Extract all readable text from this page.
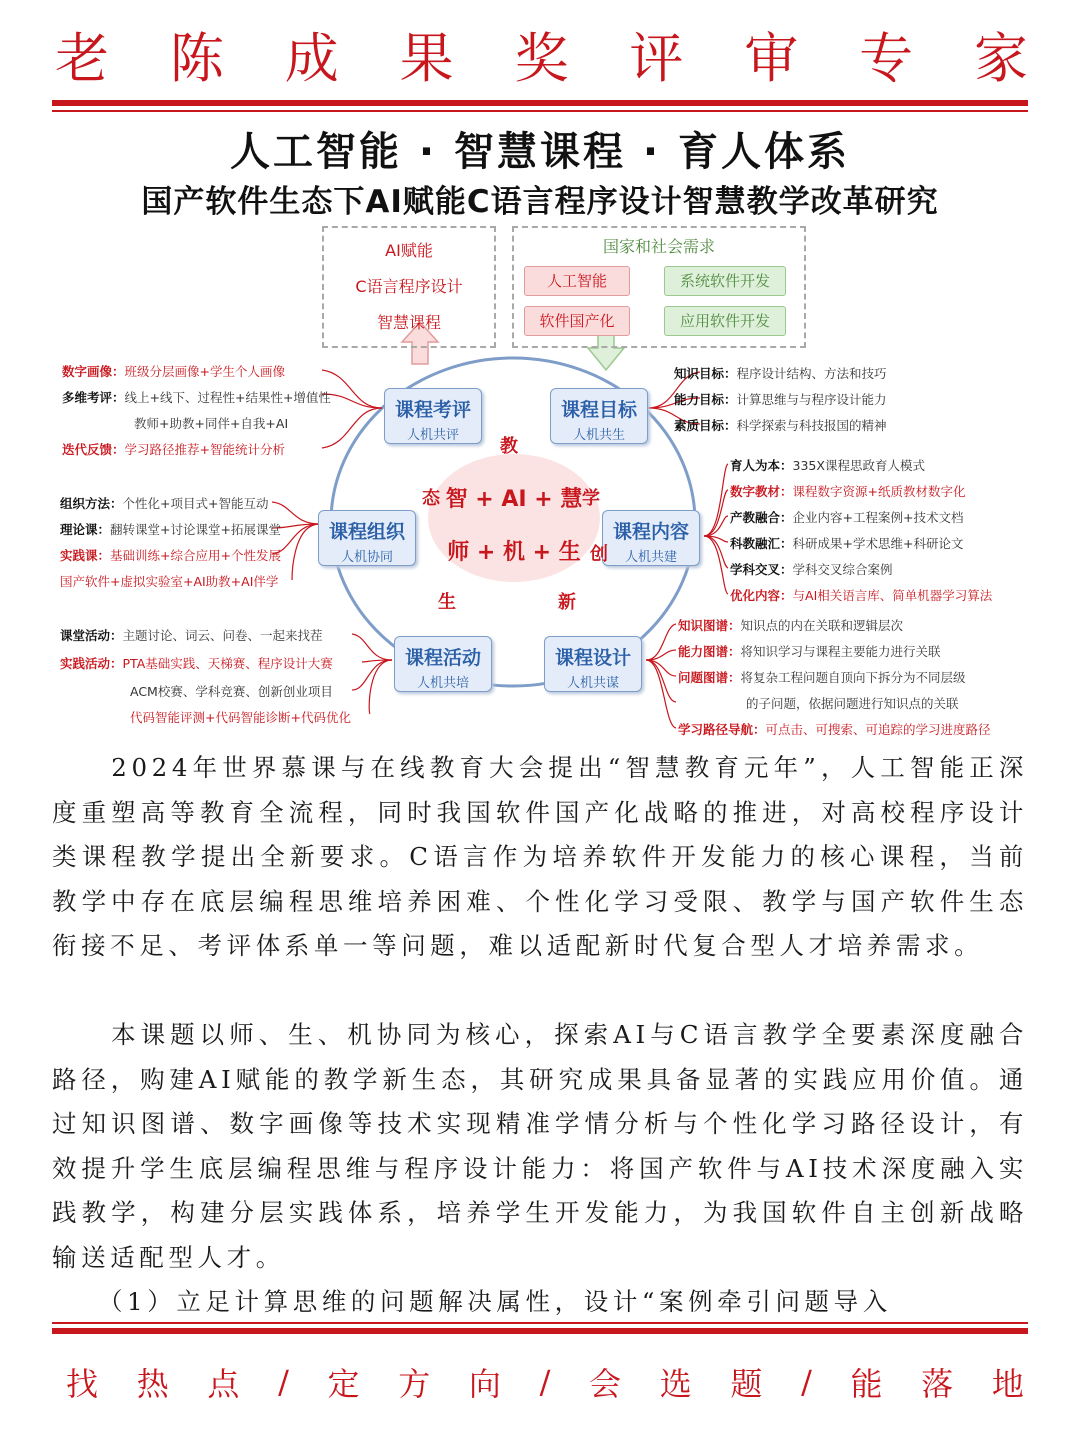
老 陈 成 果 奖 评 审 专 家
人工智能 · 智慧课程 · 育人体系
国产软件生态下AI赋能C语言程序设计智慧教学改革研究
AI赋能
C语言程序设计
智慧课程
国家和社会需求
人工智能
软件国产化
系统软件开发
应用软件开发
课程考评
人机共评
课程目标
人机共生
课程组织
人机协同
课程内容
人机共建
课程活动
人机共培
课程设计
人机共谋
智 + AI + 慧
师 + 机 + 生
教
学
创
新
生
态
数字画像：班级分层画像+学生个人画像
多维考评：线上+线下、过程性+结果性+增值性
教师+助教+同伴+自我+AI
迭代反馈：学习路径推荐+智能统计分析
知识目标：程序设计结构、方法和技巧
能力目标：计算思维与与程序设计能力
素质目标：科学探索与科技报国的精神
组织方法：个性化+项目式+智能互动
理论课：翻转课堂+讨论课堂+拓展课堂
实践课：基础训练+综合应用+个性发展
国产软件+虚拟实验室+AI助教+AI伴学
育人为本：335X课程思政育人模式
数字教材：课程数字资源+纸质教材数字化
产教融合：企业内容+工程案例+技术文档
科教融汇：科研成果+学术思维+科研论文
学科交叉：学科交叉综合案例
优化内容：与AI相关语言库、简单机器学习算法
课堂活动：主题讨论、词云、问卷、一起来找茬
实践活动：PTA基础实践、天梯赛、程序设计大赛
ACM校赛、学科竞赛、创新创业项目
代码智能评测+代码智能诊断+代码优化
知识图谱：知识点的内在关联和逻辑层次
能力图谱：将知识学习与课程主要能力进行关联
问题图谱：将复杂工程问题自顶向下拆分为不同层级
的子问题，依据问题进行知识点的关联
学习路径导航：可点击、可搜索、可追踪的学习进度路径
　　2024年世界慕课与在线教育大会提出“智慧教育元年”，人工智能正深度重塑高等教育全流程，同时我国软件国产化战略的推进，对高校程序设计类课程教学提出全新要求。C语言作为培养软件开发能力的核心课程，当前教学中存在底层编程思维培养困难、个性化学习受限、教学与国产软件生态衔接不足、考评体系单一等问题，难以适配新时代复合型人才培养需求。
　　本课题以师、生、机协同为核心，探索AI与C语言教学全要素深度融合路径，购建AI赋能的教学新生态，其研究成果具备显著的实践应用价值。通过知识图谱、数字画像等技术实现精准学情分析与个性化学习路径设计，有效提升学生底层编程思维与程序设计能力：将国产软件与AI技术深度融入实践教学，构建分层实践体系，培养学生开发能力，为我国软件自主创新战略输送适配型人才。
　　（1）立足计算思维的问题解决属性，设计“案例牵引问题导入
找 热 点 / 定 方 向 / 会 选 题 / 能 落 地
